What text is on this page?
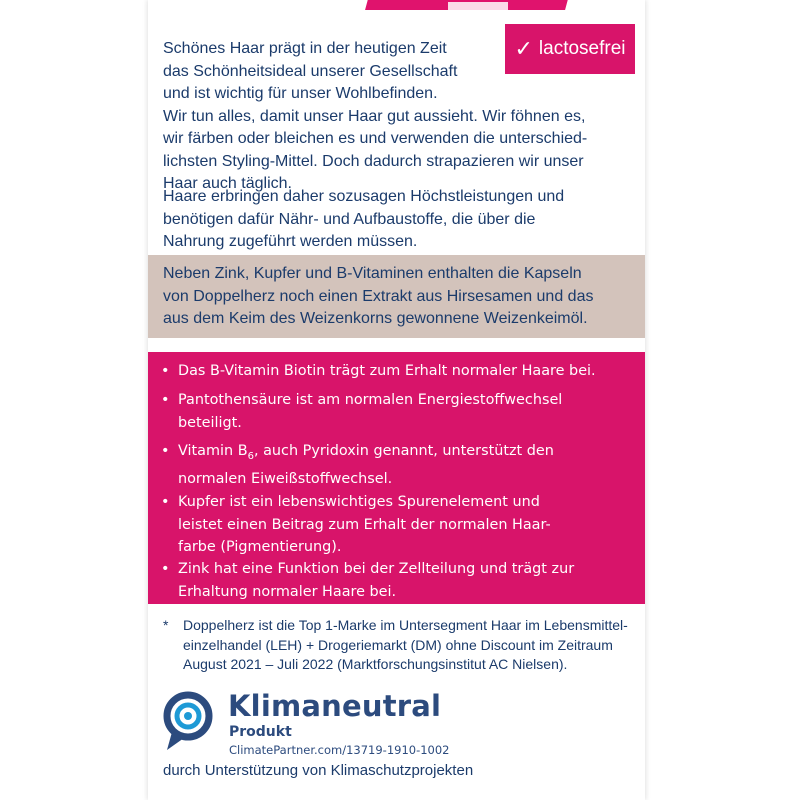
✓ lactosefrei
Schönes Haar prägt in der heutigen Zeit
das Schönheitsideal unserer Gesellschaft
und ist wichtig für unser Wohlbefinden.
Wir tun alles, damit unser Haar gut aussieht. Wir föhnen es,
wir färben oder bleichen es und verwenden die unterschied-
lichsten Styling-Mittel. Doch dadurch strapazieren wir unser
Haar auch täglich.
Haare erbringen daher sozusagen Höchstleistungen und
benötigen dafür Nähr- und Aufbaustoffe, die über die
Nahrung zugeführt werden müssen.
Neben Zink, Kupfer und B-Vitaminen enthalten die Kapseln
von Doppelherz noch einen Extrakt aus Hirsesamen und das
aus dem Keim des Weizenkorns gewonnene Weizenkeimöl.
• Das B-Vitamin Biotin trägt zum Erhalt normaler Haare bei.
• Pantothensäure ist am normalen Energiestoffwechsel
beteiligt.
• Vitamin $B_6$, auch Pyridoxin genannt, unterstützt den
normalen Eiweißstoffwechsel.
• Kupfer ist ein lebenswichtiges Spurenelement und
leistet einen Beitrag zum Erhalt der normalen Haar-
farbe (Pigmentierung).
• Zink hat eine Funktion bei der Zellteilung und trägt zur
Erhaltung normaler Haare bei.
* Doppelherz ist die Top 1-Marke im Untersegment Haar im Lebensmittel-
einzelhandel (LEH) + Drogeriemarkt (DM) ohne Discount im Zeitraum
August 2021 – Juli 2022 (Marktforschungsinstitut AC Nielsen).
Klimaneutral
Produkt
ClimatePartner.com/13719-1910-1002
durch Unterstützung von Klimaschutzprojekten
